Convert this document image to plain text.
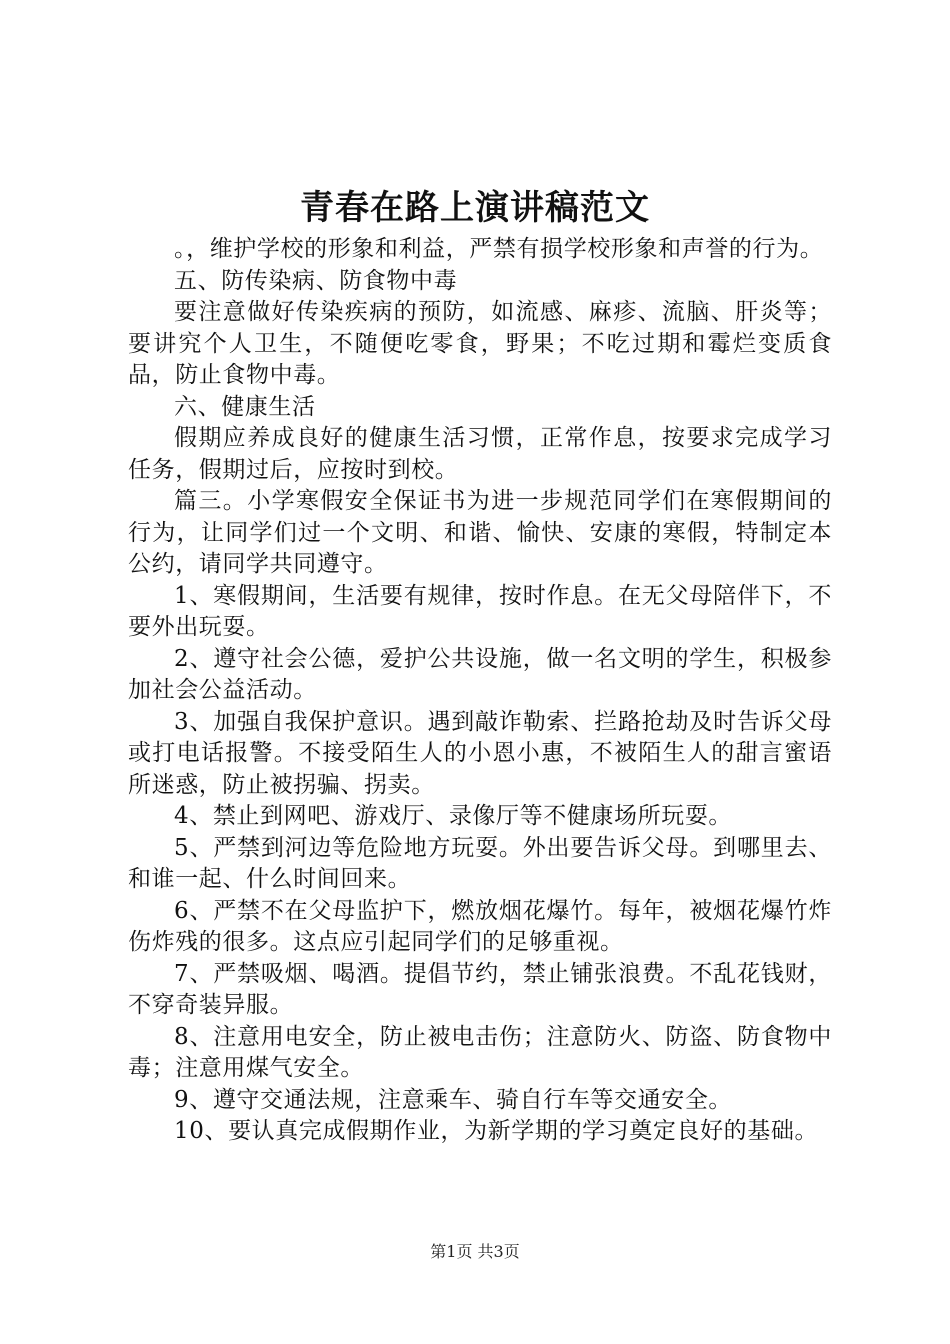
青春在路上演讲稿范文

。，维护学校的形象和利益，严禁有损学校形象和声誉的行为。

五、防传染病、防食物中毒

要注意做好传染疾病的预防，如流感、麻疹、流脑、肝炎等；要讲究个人卫生，不随便吃零食，野果；不吃过期和霉烂变质食品，防止食物中毒。

六、健康生活

假期应养成良好的健康生活习惯，正常作息，按要求完成学习任务，假期过后，应按时到校。

篇三。小学寒假安全保证书为进一步规范同学们在寒假期间的行为，让同学们过一个文明、和谐、愉快、安康的寒假，特制定本公约，请同学共同遵守。

1、寒假期间，生活要有规律，按时作息。在无父母陪伴下，不要外出玩耍。

2、遵守社会公德，爱护公共设施，做一名文明的学生，积极参加社会公益活动。

3、加强自我保护意识。遇到敲诈勒索、拦路抢劫及时告诉父母或打电话报警。不接受陌生人的小恩小惠，不被陌生人的甜言蜜语所迷惑，防止被拐骗、拐卖。

4、禁止到网吧、游戏厅、录像厅等不健康场所玩耍。

5、严禁到河边等危险地方玩耍。外出要告诉父母。到哪里去、和谁一起、什么时间回来。

6、严禁不在父母监护下，燃放烟花爆竹。每年，被烟花爆竹炸伤炸残的很多。这点应引起同学们的足够重视。

7、严禁吸烟、喝酒。提倡节约，禁止铺张浪费。不乱花钱财，不穿奇装异服。

8、注意用电安全，防止被电击伤；注意防火、防盗、防食物中毒；注意用煤气安全。

9、遵守交通法规，注意乘车、骑自行车等交通安全。

10、要认真完成假期作业，为新学期的学习奠定良好的基础。

第1页 共3页
